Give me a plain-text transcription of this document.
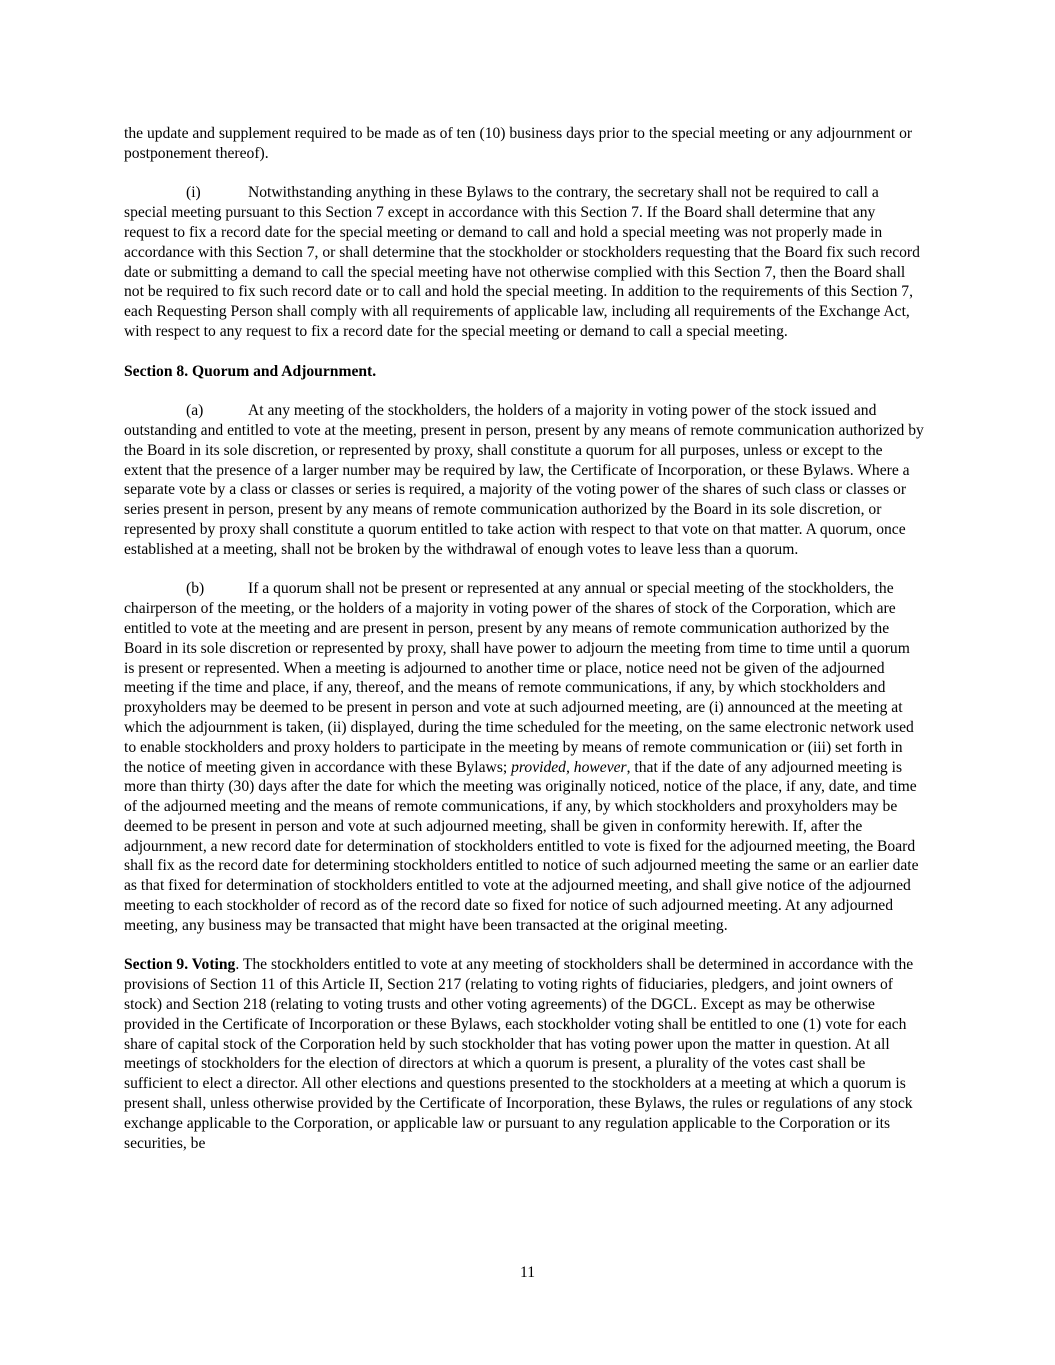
the update and supplement required to be made as of ten (10) business days prior to the special meeting or any adjournment or postponement thereof).

(i)	Notwithstanding anything in these Bylaws to the contrary, the secretary shall not be required to call a special meeting pursuant to this Section 7 except in accordance with this Section 7. If the Board shall determine that any request to fix a record date for the special meeting or demand to call and hold a special meeting was not properly made in accordance with this Section 7, or shall determine that the stockholder or stockholders requesting that the Board fix such record date or submitting a demand to call the special meeting have not otherwise complied with this Section 7, then the Board shall not be required to fix such record date or to call and hold the special meeting. In addition to the requirements of this Section 7, each Requesting Person shall comply with all requirements of applicable law, including all requirements of the Exchange Act, with respect to any request to fix a record date for the special meeting or demand to call a special meeting.

Section 8. Quorum and Adjournment.

(a)	At any meeting of the stockholders, the holders of a majority in voting power of the stock issued and outstanding and entitled to vote at the meeting, present in person, present by any means of remote communication authorized by the Board in its sole discretion, or represented by proxy, shall constitute a quorum for all purposes, unless or except to the extent that the presence of a larger number may be required by law, the Certificate of Incorporation, or these Bylaws. Where a separate vote by a class or classes or series is required, a majority of the voting power of the shares of such class or classes or series present in person, present by any means of remote communication authorized by the Board in its sole discretion, or represented by proxy shall constitute a quorum entitled to take action with respect to that vote on that matter. A quorum, once established at a meeting, shall not be broken by the withdrawal of enough votes to leave less than a quorum.

(b)	If a quorum shall not be present or represented at any annual or special meeting of the stockholders, the chairperson of the meeting, or the holders of a majority in voting power of the shares of stock of the Corporation, which are entitled to vote at the meeting and are present in person, present by any means of remote communication authorized by the Board in its sole discretion or represented by proxy, shall have power to adjourn the meeting from time to time until a quorum is present or represented. When a meeting is adjourned to another time or place, notice need not be given of the adjourned meeting if the time and place, if any, thereof, and the means of remote communications, if any, by which stockholders and proxyholders may be deemed to be present in person and vote at such adjourned meeting, are (i) announced at the meeting at which the adjournment is taken, (ii) displayed, during the time scheduled for the meeting, on the same electronic network used to enable stockholders and proxy holders to participate in the meeting by means of remote communication or (iii) set forth in the notice of meeting given in accordance with these Bylaws; provided, however, that if the date of any adjourned meeting is more than thirty (30) days after the date for which the meeting was originally noticed, notice of the place, if any, date, and time of the adjourned meeting and the means of remote communications, if any, by which stockholders and proxyholders may be deemed to be present in person and vote at such adjourned meeting, shall be given in conformity herewith. If, after the adjournment, a new record date for determination of stockholders entitled to vote is fixed for the adjourned meeting, the Board shall fix as the record date for determining stockholders entitled to notice of such adjourned meeting the same or an earlier date as that fixed for determination of stockholders entitled to vote at the adjourned meeting, and shall give notice of the adjourned meeting to each stockholder of record as of the record date so fixed for notice of such adjourned meeting. At any adjourned meeting, any business may be transacted that might have been transacted at the original meeting.

Section 9. Voting. The stockholders entitled to vote at any meeting of stockholders shall be determined in accordance with the provisions of Section 11 of this Article II, Section 217 (relating to voting rights of fiduciaries, pledgers, and joint owners of stock) and Section 218 (relating to voting trusts and other voting agreements) of the DGCL. Except as may be otherwise provided in the Certificate of Incorporation or these Bylaws, each stockholder voting shall be entitled to one (1) vote for each share of capital stock of the Corporation held by such stockholder that has voting power upon the matter in question. At all meetings of stockholders for the election of directors at which a quorum is present, a plurality of the votes cast shall be sufficient to elect a director. All other elections and questions presented to the stockholders at a meeting at which a quorum is present shall, unless otherwise provided by the Certificate of Incorporation, these Bylaws, the rules or regulations of any stock exchange applicable to the Corporation, or applicable law or pursuant to any regulation applicable to the Corporation or its securities, be

11
